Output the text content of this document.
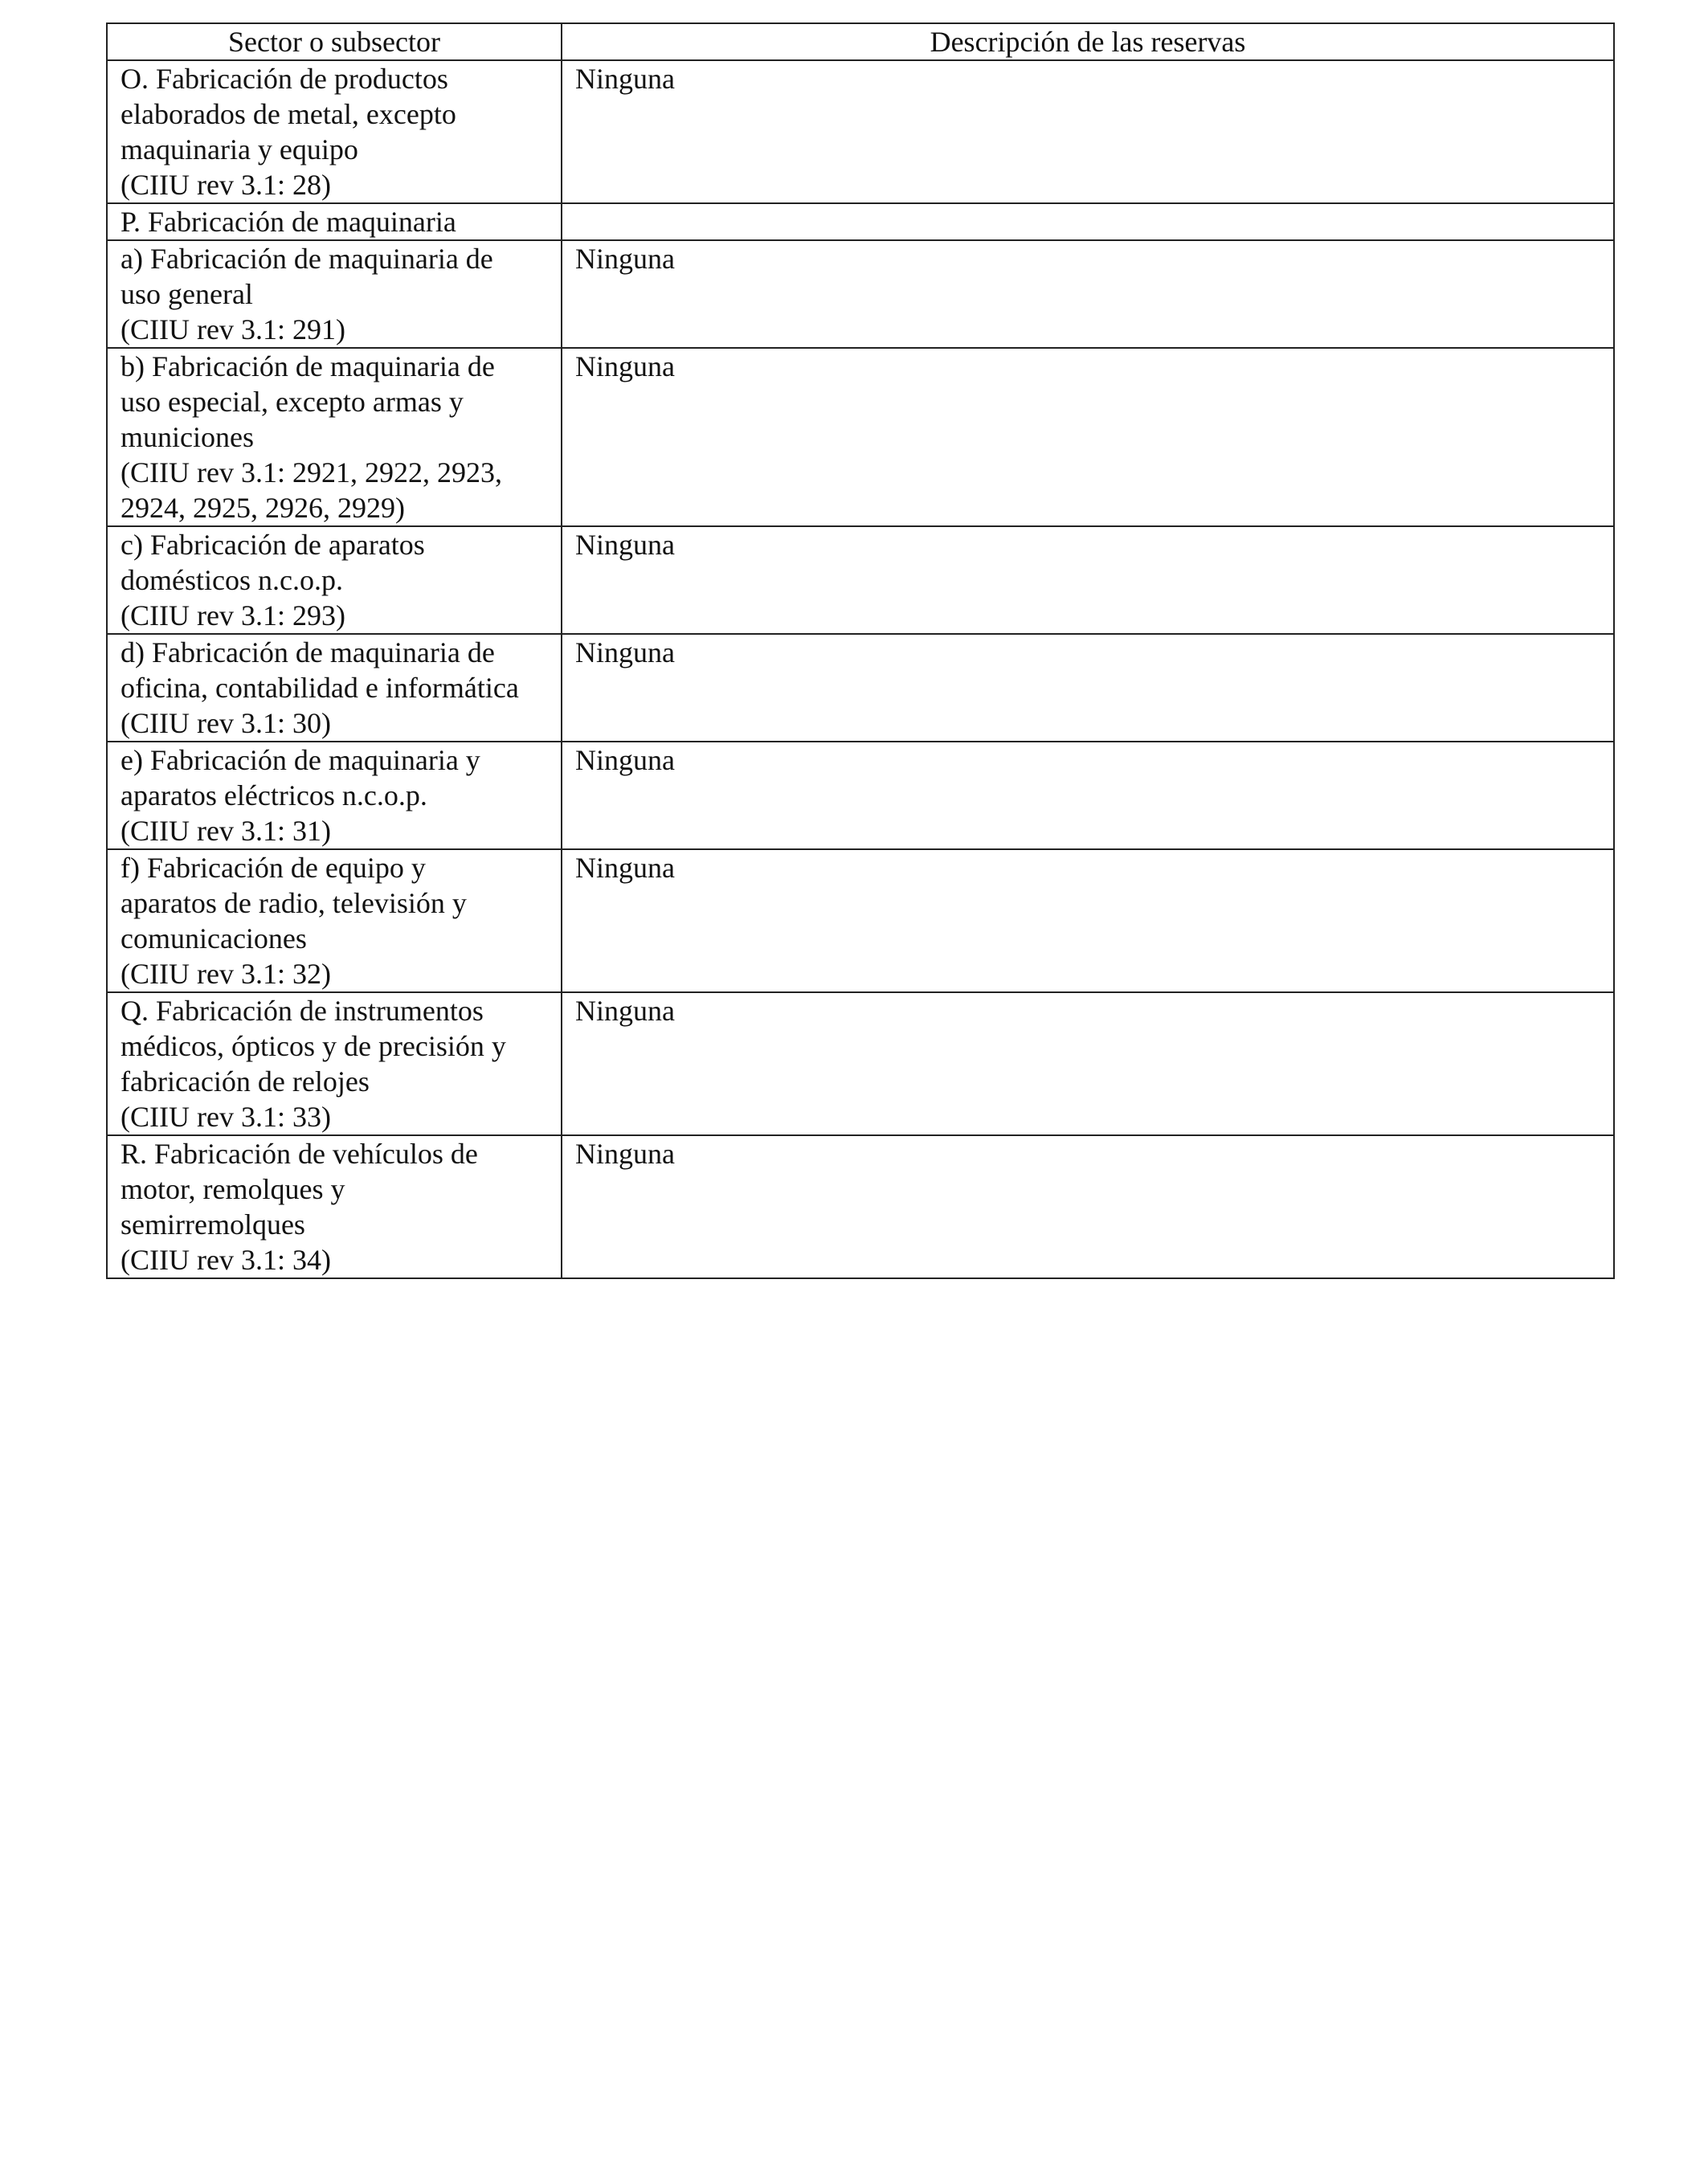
Sector o subsector	Descripción de las reservas

O. Fabricación de productos
elaborados de metal, excepto
maquinaria y equipo
(CIIU rev 3.1: 28)	Ninguna

P. Fabricación de maquinaria	

a) Fabricación de maquinaria de
uso general
(CIIU rev 3.1: 291)	Ninguna

b) Fabricación de maquinaria de
uso especial, excepto armas y
municiones
(CIIU rev 3.1: 2921, 2922, 2923,
2924, 2925, 2926, 2929)	Ninguna

c) Fabricación de aparatos
domésticos n.c.o.p.
(CIIU rev 3.1: 293)	Ninguna

d) Fabricación de maquinaria de
oficina, contabilidad e informática
(CIIU rev 3.1: 30)	Ninguna

e) Fabricación de maquinaria y
aparatos eléctricos n.c.o.p.
(CIIU rev 3.1: 31)	Ninguna

f) Fabricación de equipo y
aparatos de radio, televisión y
comunicaciones
(CIIU rev 3.1: 32)	Ninguna

Q. Fabricación de instrumentos
médicos, ópticos y de precisión y
fabricación de relojes
(CIIU rev 3.1: 33)	Ninguna

R. Fabricación de vehículos de
motor, remolques y
semirremolques
(CIIU rev 3.1: 34)	Ninguna
